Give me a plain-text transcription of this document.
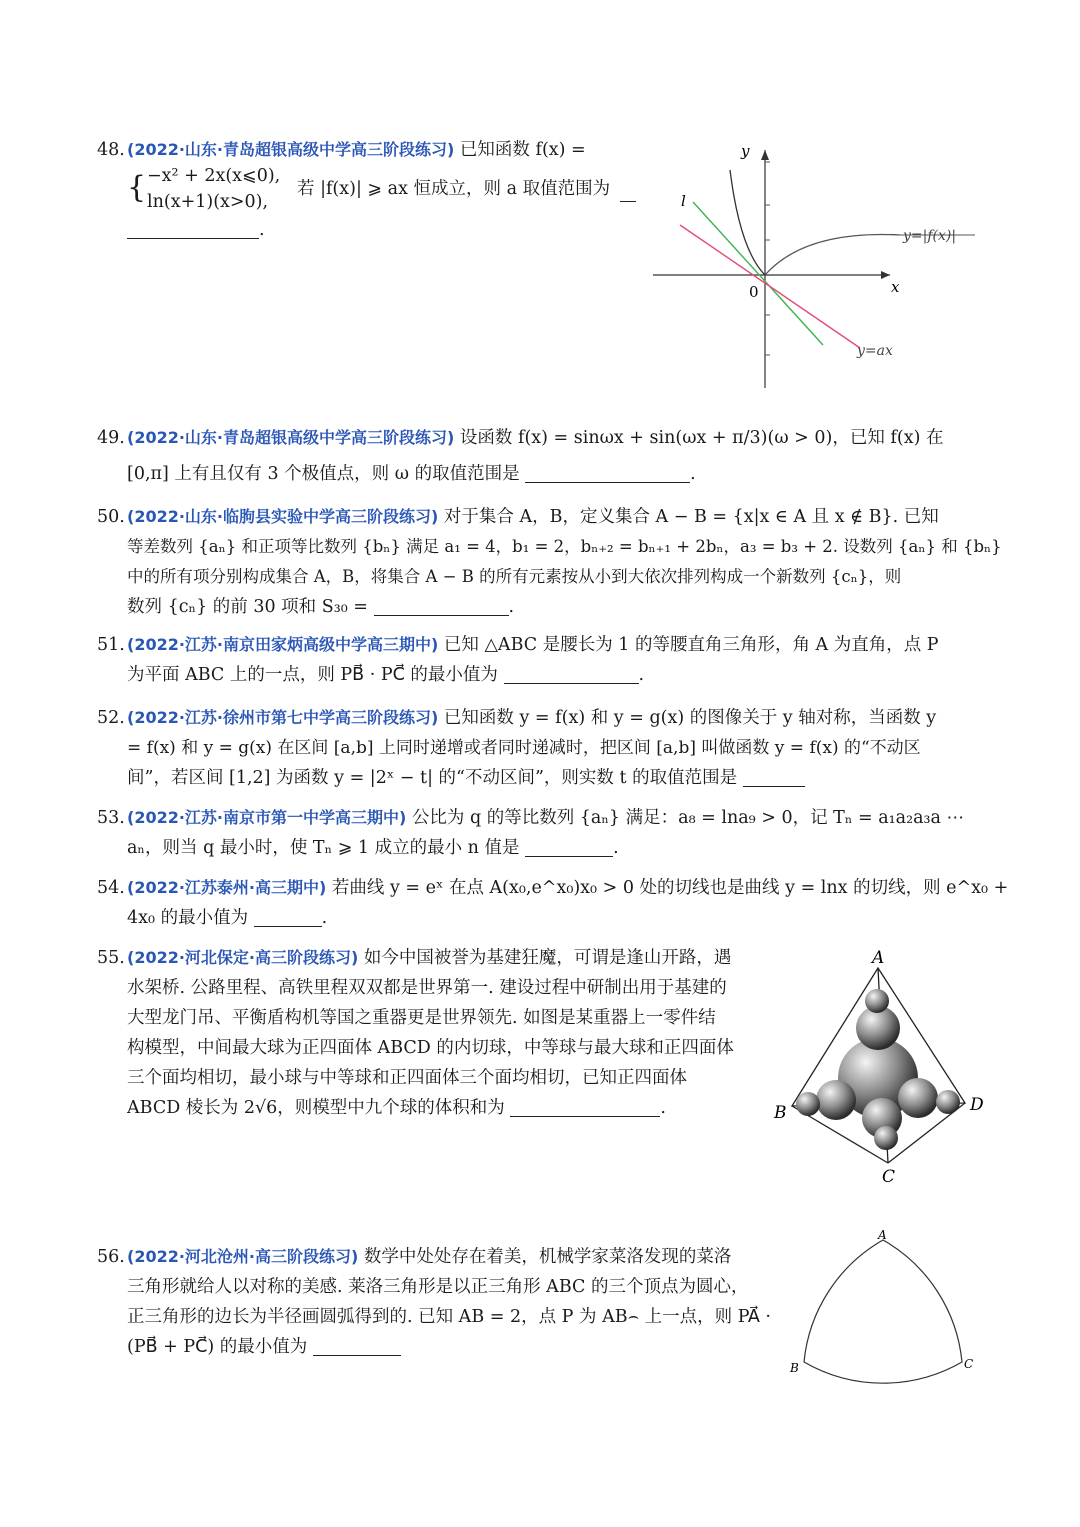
48. (2022·山东·青岛超银高级中学高三阶段练习) 已知函数 f(x) =
{ −x² + 2x(x⩽0),
ln(x+1)(x>0),
若 |f(x)| ⩾ ax 恒成立，则 a 取值范围为
.
y
x
0
l
y=|f(x)|
y=ax
49. (2022·山东·青岛超银高级中学高三阶段练习) 设函数 f(x) = sinωx + sin(ωx + π/3)(ω > 0)，已知 f(x) 在
[0,π] 上有且仅有 3 个极值点，则 ω 的取值范围是	.
50. (2022·山东·临朐县实验中学高三阶段练习) 对于集合 A，B，定义集合 A − B = {x|x ∈ A 且 x ∉ B}. 已知
等差数列 {aₙ} 和正项等比数列 {bₙ} 满足 a₁ = 4，b₁ = 2，bₙ₊₂ = bₙ₊₁ + 2bₙ，a₃ = b₃ + 2. 设数列 {aₙ} 和 {bₙ}
中的所有项分别构成集合 A，B，将集合 A − B 的所有元素按从小到大依次排列构成一个新数列 {cₙ}，则
数列 {cₙ} 的前 30 项和 S₃₀ =	.
51. (2022·江苏·南京田家炳高级中学高三期中) 已知 △ABC 是腰长为 1 的等腰直角三角形，角 A 为直角，点 P
为平面 ABC 上的一点，则 PB⃗ · PC⃗ 的最小值为	.
52. (2022·江苏·徐州市第七中学高三阶段练习) 已知函数 y = f(x) 和 y = g(x) 的图像关于 y 轴对称，当函数 y
= f(x) 和 y = g(x) 在区间 [a,b] 上同时递增或者同时递减时，把区间 [a,b] 叫做函数 y = f(x) 的“不动区
间”，若区间 [1,2] 为函数 y = |2ˣ − t| 的“不动区间”，则实数 t 的取值范围是
53. (2022·江苏·南京市第一中学高三期中) 公比为 q 的等比数列 {aₙ} 满足：a₈ = lna₉ > 0，记 Tₙ = a₁a₂a₃a ⋯
aₙ，则当 q 最小时，使 Tₙ ⩾ 1 成立的最小 n 值是	.
54. (2022·江苏泰州·高三期中) 若曲线 y = eˣ 在点 A(x₀,e^x₀)x₀ > 0 处的切线也是曲线 y = lnx 的切线，则 e^x₀ +
4x₀ 的最小值为	.
55. (2022·河北保定·高三阶段练习) 如今中国被誉为基建狂魔，可谓是逢山开路，遇
水架桥. 公路里程、高铁里程双双都是世界第一. 建设过程中研制出用于基建的
大型龙门吊、平衡盾构机等国之重器更是世界领先. 如图是某重器上一零件结
构模型，中间最大球为正四面体 ABCD 的内切球，中等球与最大球和正四面体
三个面均相切，最小球与中等球和正四面体三个面均相切，已知正四面体
ABCD 棱长为 2√6，则模型中九个球的体积和为	.
A
B
C
D
56. (2022·河北沧州·高三阶段练习) 数学中处处存在着美，机械学家菜洛发现的菜洛
三角形就给人以对称的美感. 莱洛三角形是以正三角形 ABC 的三个顶点为圆心，
正三角形的边长为半径画圆弧得到的. 已知 AB = 2，点 P 为 AB⌢ 上一点，则 PA⃗ ·
(PB⃗ + PC⃗) 的最小值为
A
B	C
